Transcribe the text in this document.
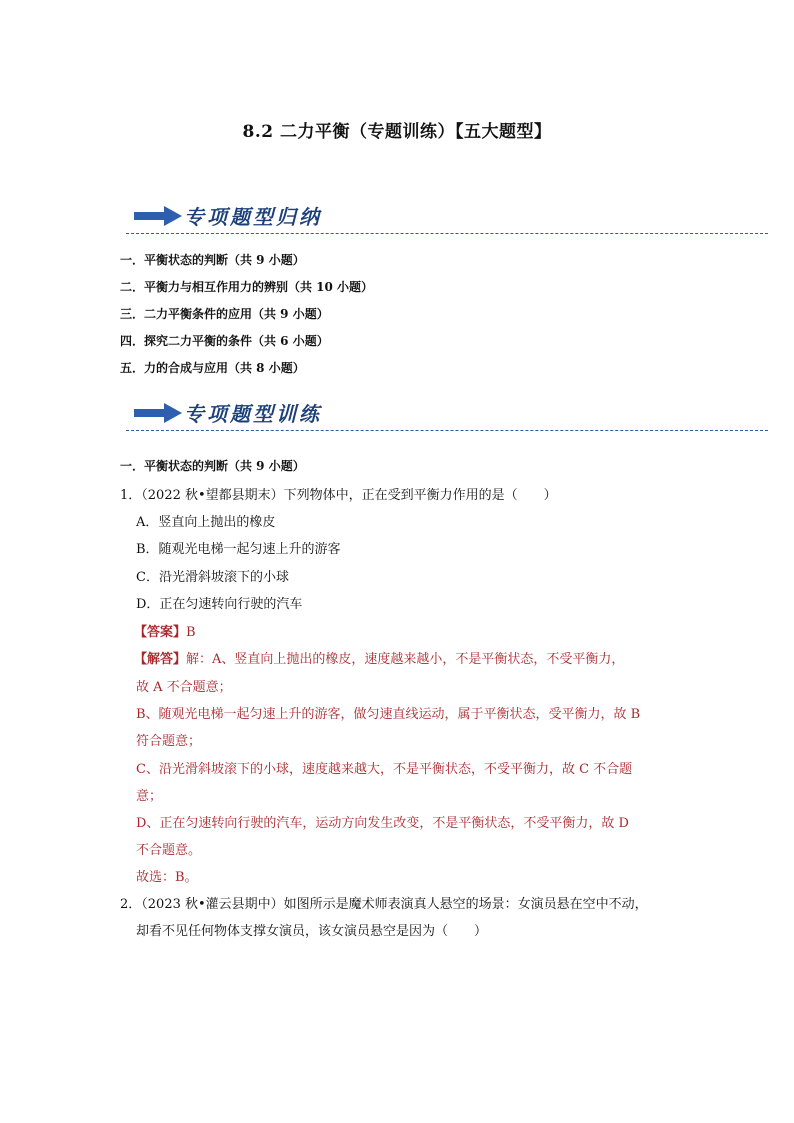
8.2 二力平衡（专题训练）【五大题型】
专项题型归纳
一．平衡状态的判断（共 9 小题）
二．平衡力与相互作用力的辨别（共 10 小题）
三．二力平衡条件的应用（共 9 小题）
四．探究二力平衡的条件（共 6 小题）
五．力的合成与应用（共 8 小题）
专项题型训练
一．平衡状态的判断（共 9 小题）
1．（2022 秋•望都县期末）下列物体中，正在受到平衡力作用的是（　　）
A．竖直向上抛出的橡皮
B．随观光电梯一起匀速上升的游客
C．沿光滑斜坡滚下的小球
D．正在匀速转向行驶的汽车
【答案】B
【解答】解：A、竖直向上抛出的橡皮，速度越来越小，不是平衡状态，不受平衡力，
故 A 不合题意；
B、随观光电梯一起匀速上升的游客，做匀速直线运动，属于平衡状态，受平衡力，故 B
符合题意；
C、沿光滑斜坡滚下的小球，速度越来越大，不是平衡状态，不受平衡力，故 C 不合题
意；
D、正在匀速转向行驶的汽车，运动方向发生改变，不是平衡状态，不受平衡力，故 D
不合题意。
故选：B。
2．（2023 秋•灌云县期中）如图所示是魔术师表演真人悬空的场景：女演员悬在空中不动，
却看不见任何物体支撑女演员，该女演员悬空是因为（　　）
